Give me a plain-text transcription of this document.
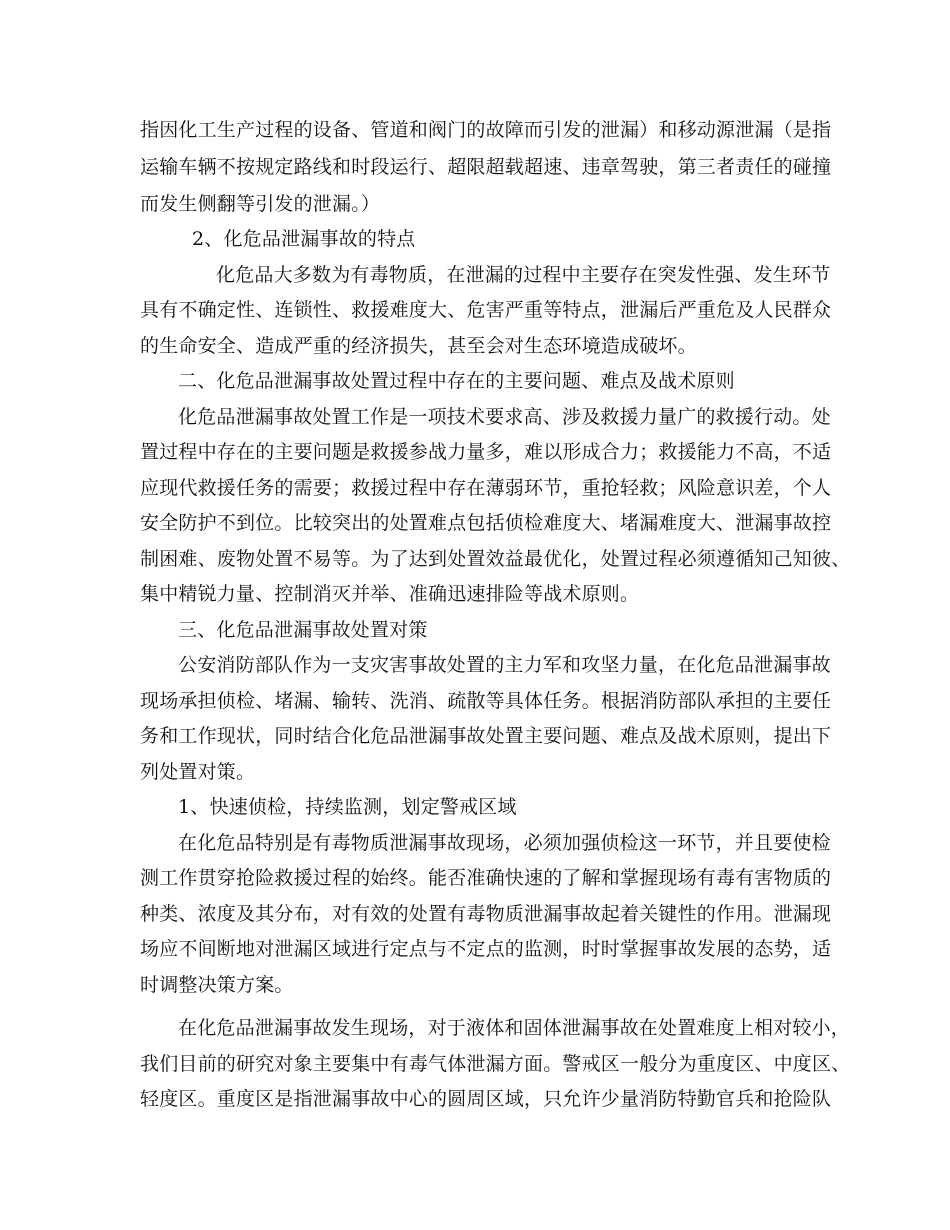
指因化工生产过程的设备、管道和阀门的故障而引发的泄漏）和移动源泄漏（是指
运输车辆不按规定路线和时段运行、超限超载超速、违章驾驶，第三者责任的碰撞
而发生侧翻等引发的泄漏。）
2、化危品泄漏事故的特点
化危品大多数为有毒物质，在泄漏的过程中主要存在突发性强、发生环节
具有不确定性、连锁性、救援难度大、危害严重等特点，泄漏后严重危及人民群众
的生命安全、造成严重的经济损失，甚至会对生态环境造成破坏。
二、化危品泄漏事故处置过程中存在的主要问题、难点及战术原则
化危品泄漏事故处置工作是一项技术要求高、涉及救援力量广的救援行动。处
置过程中存在的主要问题是救援参战力量多，难以形成合力；救援能力不高，不适
应现代救援任务的需要；救援过程中存在薄弱环节，重抢轻救；风险意识差，个人
安全防护不到位。比较突出的处置难点包括侦检难度大、堵漏难度大、泄漏事故控
制困难、废物处置不易等。为了达到处置效益最优化，处置过程必须遵循知己知彼、
集中精锐力量、控制消灭并举、准确迅速排险等战术原则。
三、化危品泄漏事故处置对策
公安消防部队作为一支灾害事故处置的主力军和攻坚力量，在化危品泄漏事故
现场承担侦检、堵漏、输转、洗消、疏散等具体任务。根据消防部队承担的主要任
务和工作现状，同时结合化危品泄漏事故处置主要问题、难点及战术原则，提出下
列处置对策。
1、快速侦检，持续监测，划定警戒区域
在化危品特别是有毒物质泄漏事故现场，必须加强侦检这一环节，并且要使检
测工作贯穿抢险救援过程的始终。能否准确快速的了解和掌握现场有毒有害物质的
种类、浓度及其分布，对有效的处置有毒物质泄漏事故起着关键性的作用。泄漏现
场应不间断地对泄漏区域进行定点与不定点的监测，时时掌握事故发展的态势，适
时调整决策方案。
在化危品泄漏事故发生现场，对于液体和固体泄漏事故在处置难度上相对较小，
我们目前的研究对象主要集中有毒气体泄漏方面。警戒区一般分为重度区、中度区、
轻度区。重度区是指泄漏事故中心的圆周区域，只允许少量消防特勤官兵和抢险队
